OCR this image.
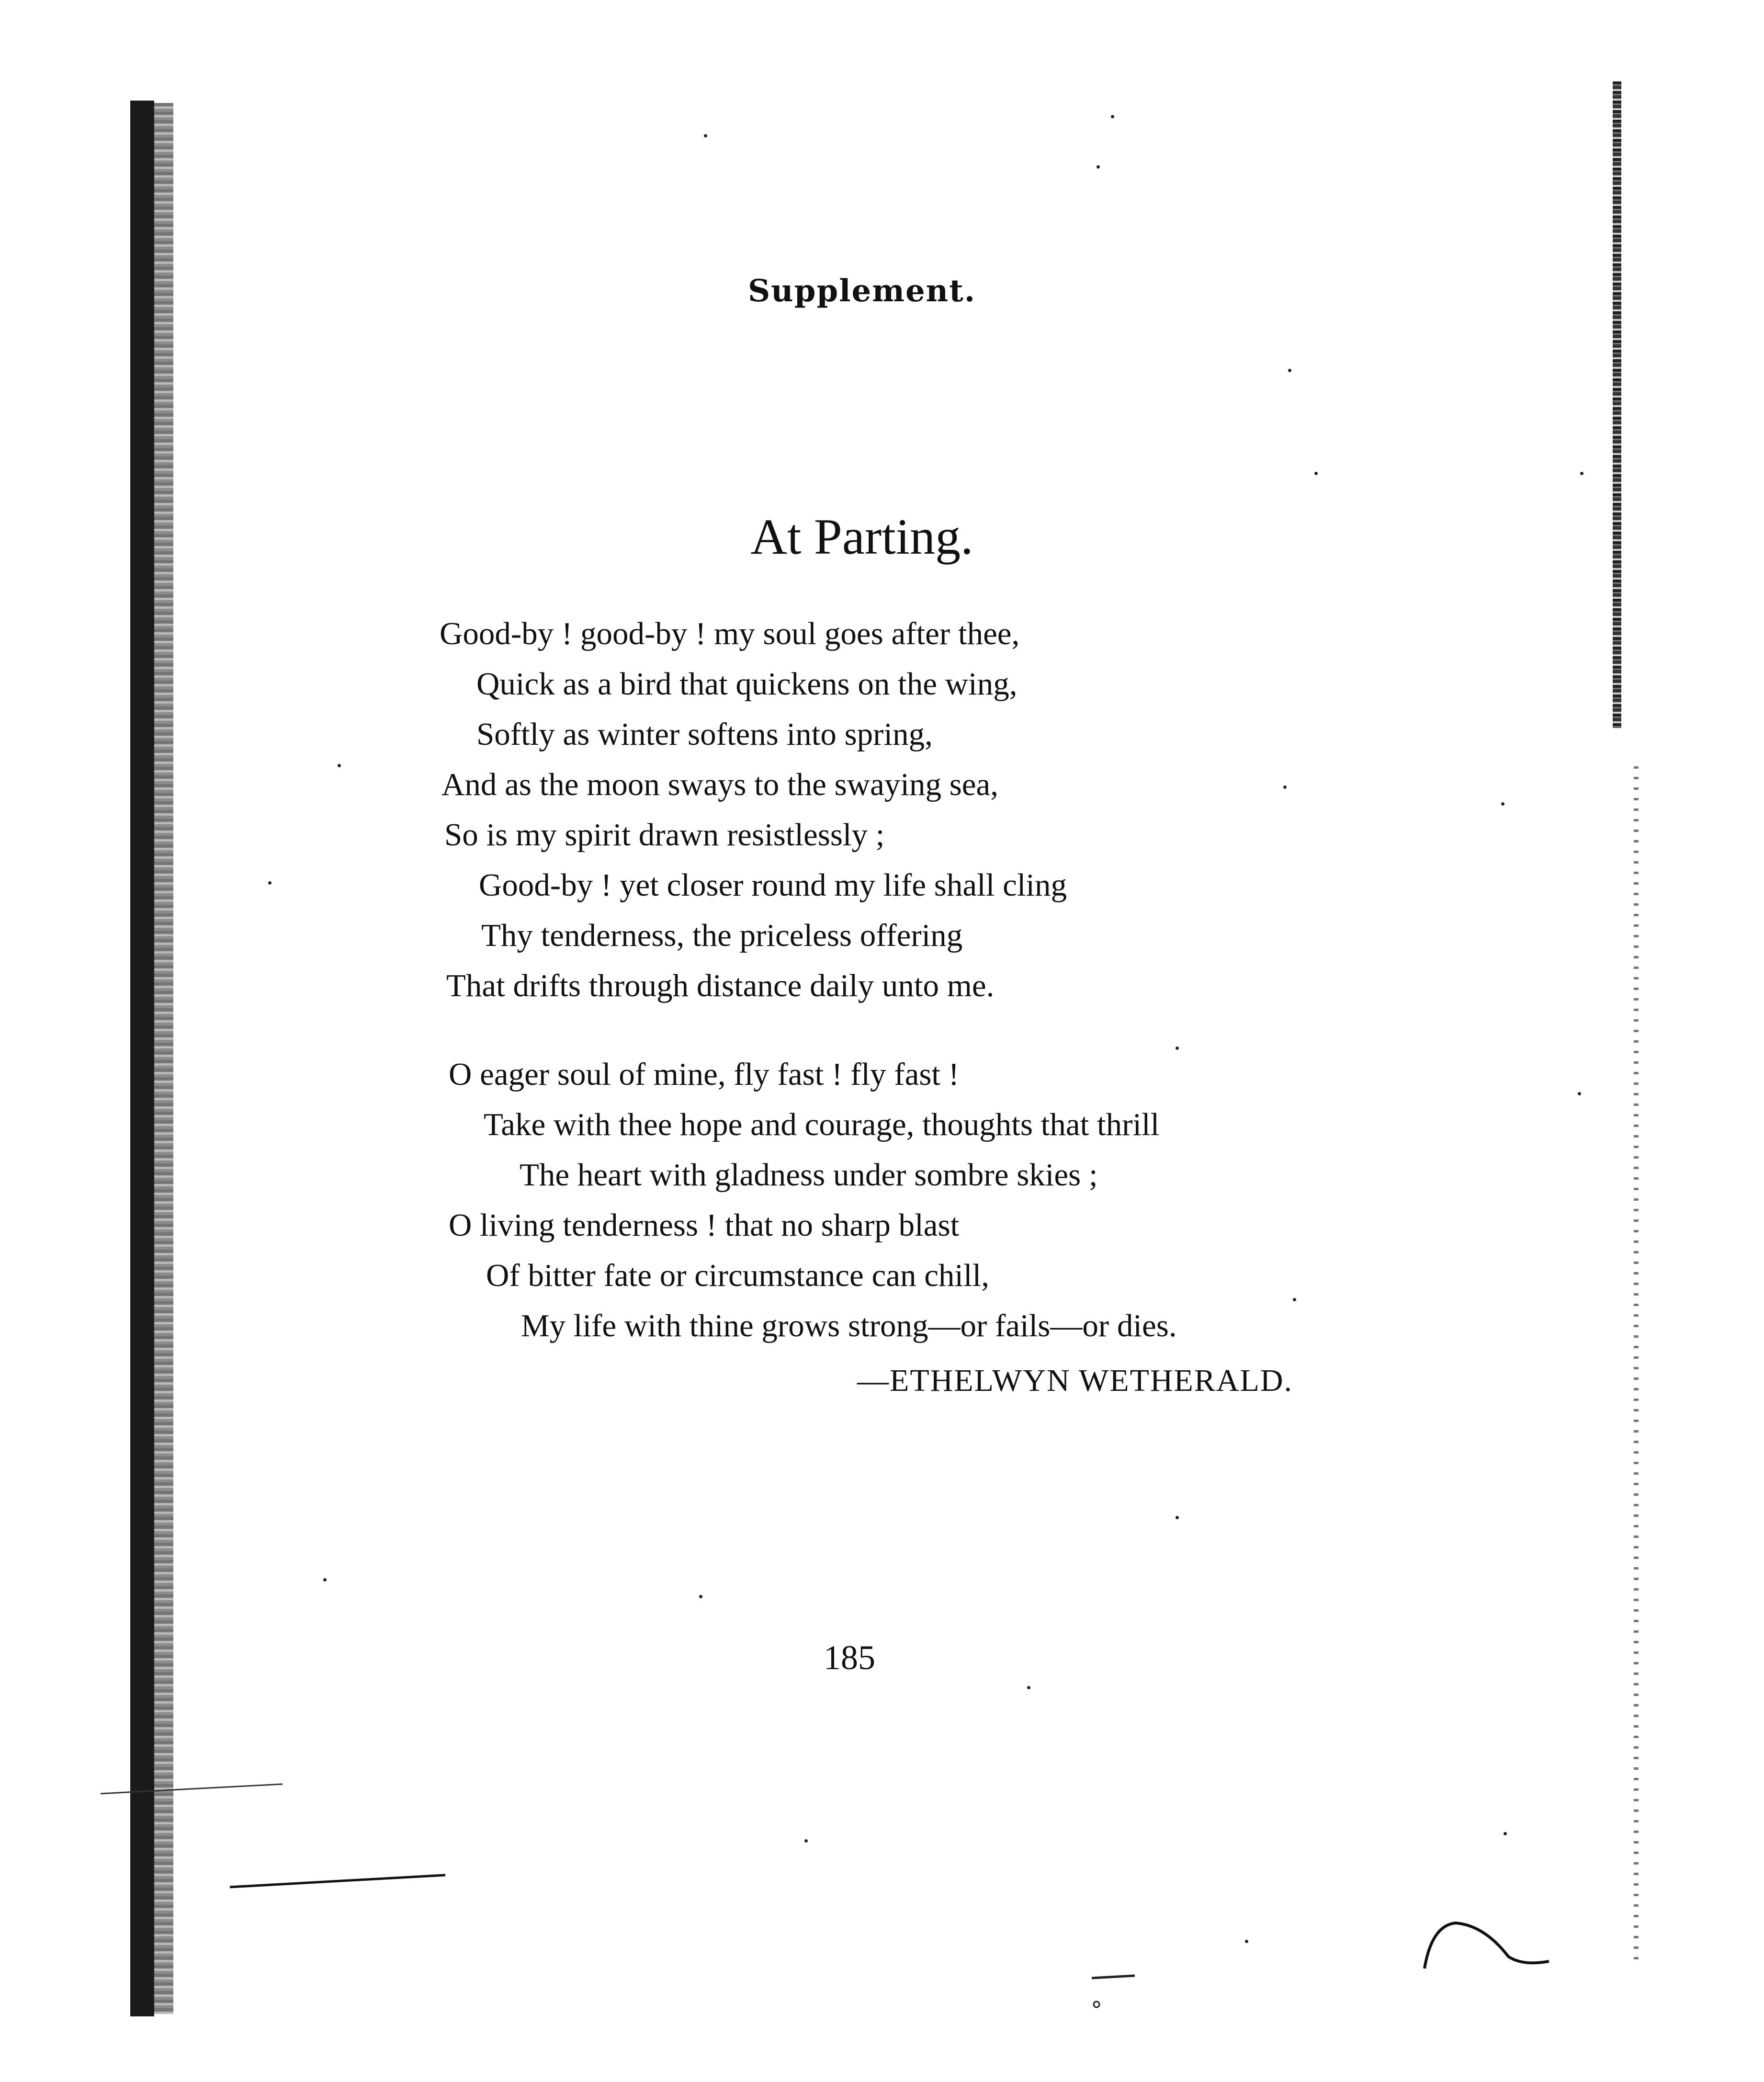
Supplement.
At Parting.
Good-by ! good-by ! my soul goes after thee,
Quick as a bird that quickens on the wing,
Softly as winter softens into spring,
And as the moon sways to the swaying sea,
So is my spirit drawn resistlessly ;
Good-by ! yet closer round my life shall cling
Thy tenderness, the priceless offering
That drifts through distance daily unto me.
O eager soul of mine, fly fast ! fly fast !
Take with thee hope and courage, thoughts that thrill
The heart with gladness under sombre skies ;
O living tenderness ! that no sharp blast
Of bitter fate or circumstance can chill,
My life with thine grows strong—or fails—or dies.
—ETHELWYN WETHERALD.
185
